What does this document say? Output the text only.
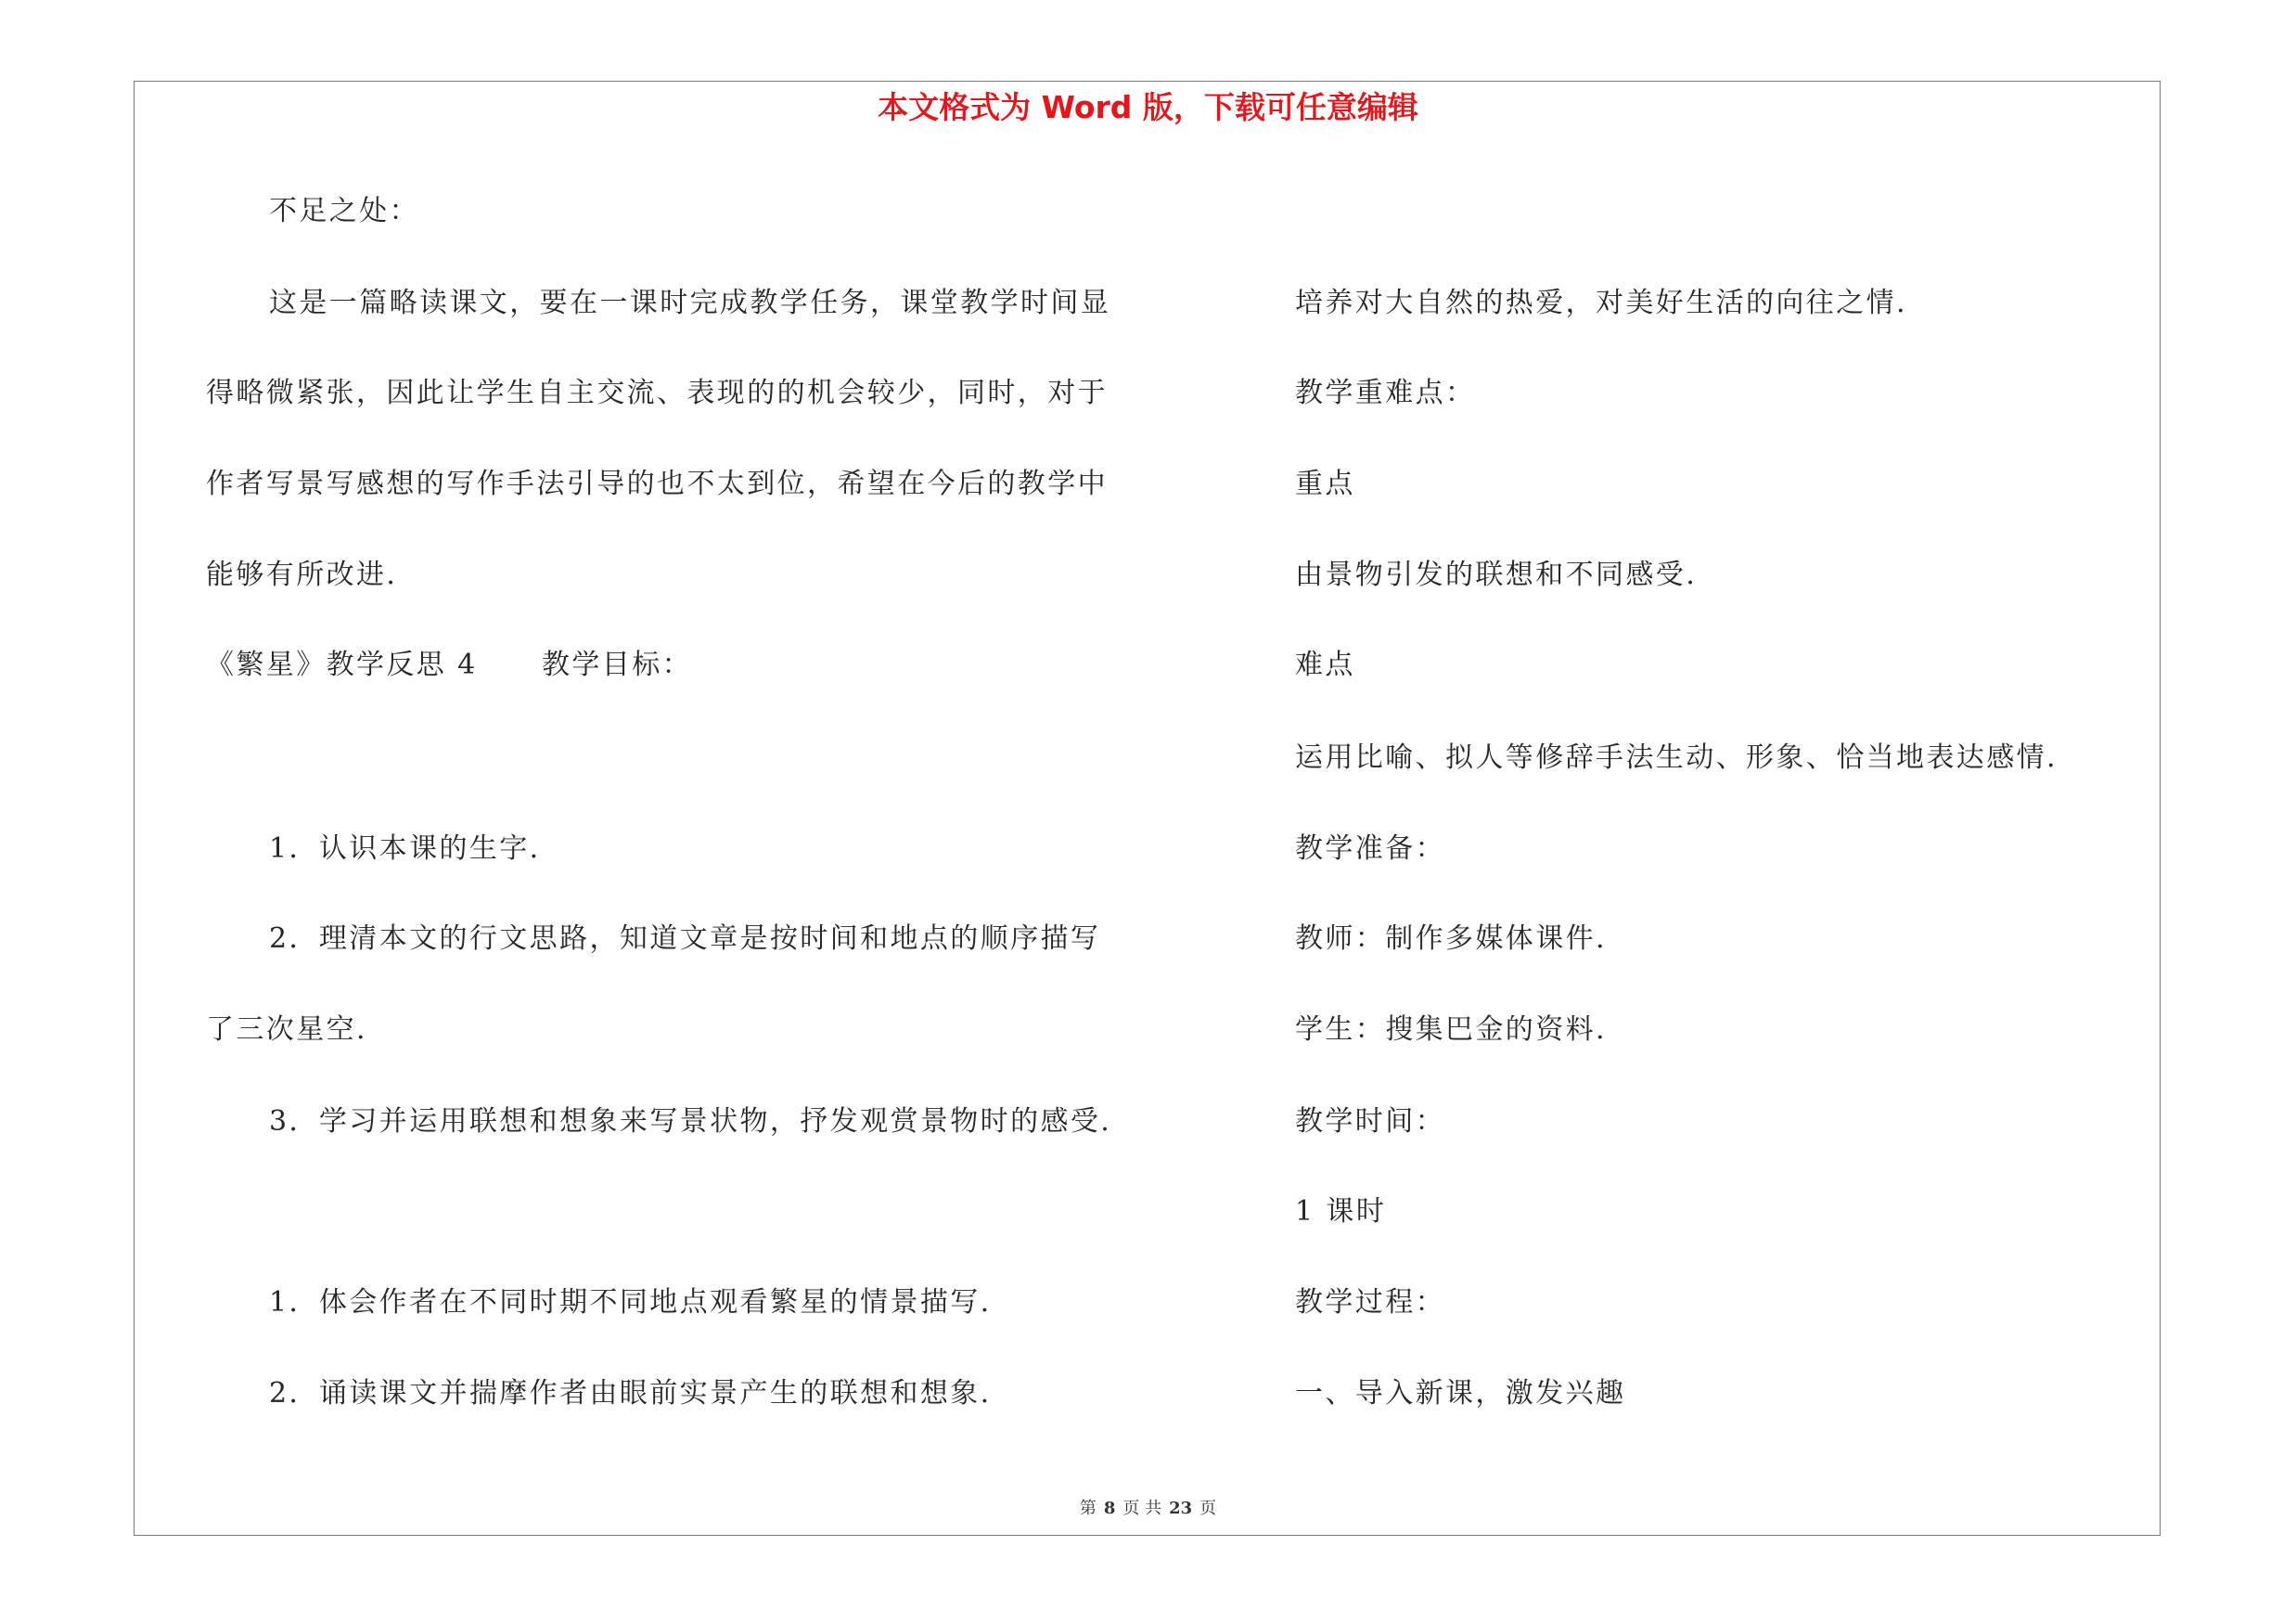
本文格式为 Word 版，下载可任意编辑
不足之处：
这是一篇略读课文，要在一课时完成教学任务，课堂教学时间显
得略微紧张，因此让学生自主交流、表现的的机会较少，同时，对于
作者写景写感想的写作手法引导的也不太到位，希望在今后的教学中
能够有所改进.
《繁星》教学反思 4 教学目标：
1．认识本课的生字.
2．理清本文的行文思路，知道文章是按时间和地点的顺序描写
了三次星空.
3．学习并运用联想和想象来写景状物，抒发观赏景物时的感受.
1．体会作者在不同时期不同地点观看繁星的情景描写.
2．诵读课文并揣摩作者由眼前实景产生的联想和想象.
培养对大自然的热爱，对美好生活的向往之情.
教学重难点：
重点
由景物引发的联想和不同感受.
难点
运用比喻、拟人等修辞手法生动、形象、恰当地表达感情.
教学准备：
教师：制作多媒体课件.
学生：搜集巴金的资料.
教学时间：
1 课时
教学过程：
一、导入新课，激发兴趣
第 8 页 共 23 页
